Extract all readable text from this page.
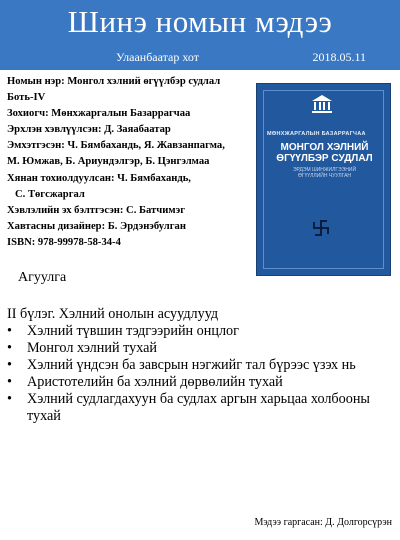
Шинэ номын мэдээ
Улаанбаатар хот	2018.05.11
Номын нэр: Монгол хэлний өгүүлбэр судлал
Боть-IV
Зохиогч: Мөнхжаргалын Базаррагчаа
Эрхлэн хэвлүүлсэн: Д. Заяабаатар
Эмхэтгэсэн: Ч. Бямбахандь, Я. Жавзанпагма,
М. Юмжав, Б. Ариундэлгэр, Б. Цэнгэлмаа
Хянан тохиолдуулсан: Ч. Бямбахандь,
С. Төгсжаргал
Хэвлэлийн эх бэлтгэсэн: С. Батчимэг
Хавтасны дизайнер: Б. Эрдэнэбулган
ISBN: 978-99978-58-34-4
МӨНХЖАРГАЛЫН БАЗАРРАГЧАА
МОНГОЛ ХЭЛНИЙ
ӨГҮҮЛБЭР СУДЛАЛ
ЭРДЭМ ШИНЖИЛГЭЭНИЙ
ӨГҮҮЛЛИЙН ЧУУЛГАН
Агуулга
II бүлэг. Хэлний онолын асуудлууд
• Хэлний түвшин тэдгээрийн онцлог
• Монгол хэлний тухай
• Хэлний үндсэн ба завсрын нэгжийг тал бүрээс үзэх нь
• Аристотелийн ба хэлний дөрвөлийн тухай
• Хэлний судлагдахуун ба судлах аргын харьцаа холбооны тухай
Мэдээ гаргасан: Д. Долгорсүрэн
